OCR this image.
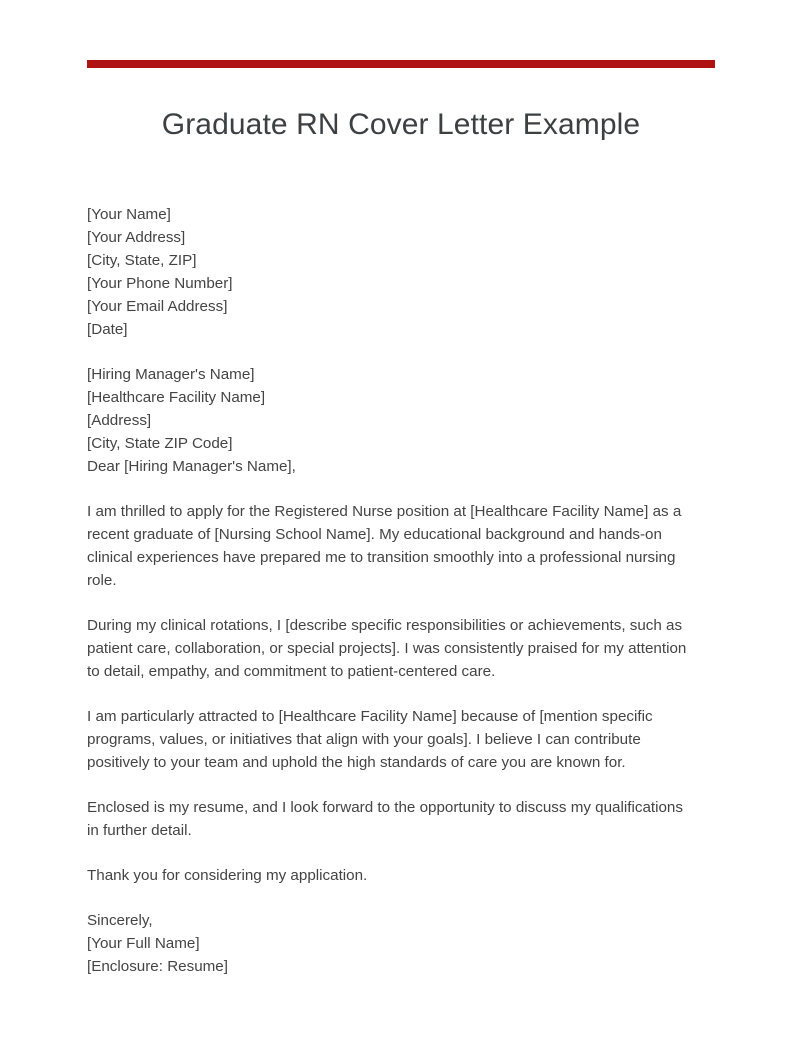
Graduate RN Cover Letter Example
[Your Name]
[Your Address]
[City, State, ZIP]
[Your Phone Number]
[Your Email Address]
[Date]
[Hiring Manager's Name]
[Healthcare Facility Name]
[Address]
[City, State ZIP Code]
Dear [Hiring Manager's Name],

I am thrilled to apply for the Registered Nurse position at [Healthcare Facility Name] as a recent graduate of [Nursing School Name]. My educational background and hands-on clinical experiences have prepared me to transition smoothly into a professional nursing role.

During my clinical rotations, I [describe specific responsibilities or achievements, such as patient care, collaboration, or special projects]. I was consistently praised for my attention to detail, empathy, and commitment to patient-centered care.

I am particularly attracted to [Healthcare Facility Name] because of [mention specific programs, values, or initiatives that align with your goals]. I believe I can contribute positively to your team and uphold the high standards of care you are known for.

Enclosed is my resume, and I look forward to the opportunity to discuss my qualifications in further detail.

Thank you for considering my application.

Sincerely,
[Your Full Name]
[Enclosure: Resume]
